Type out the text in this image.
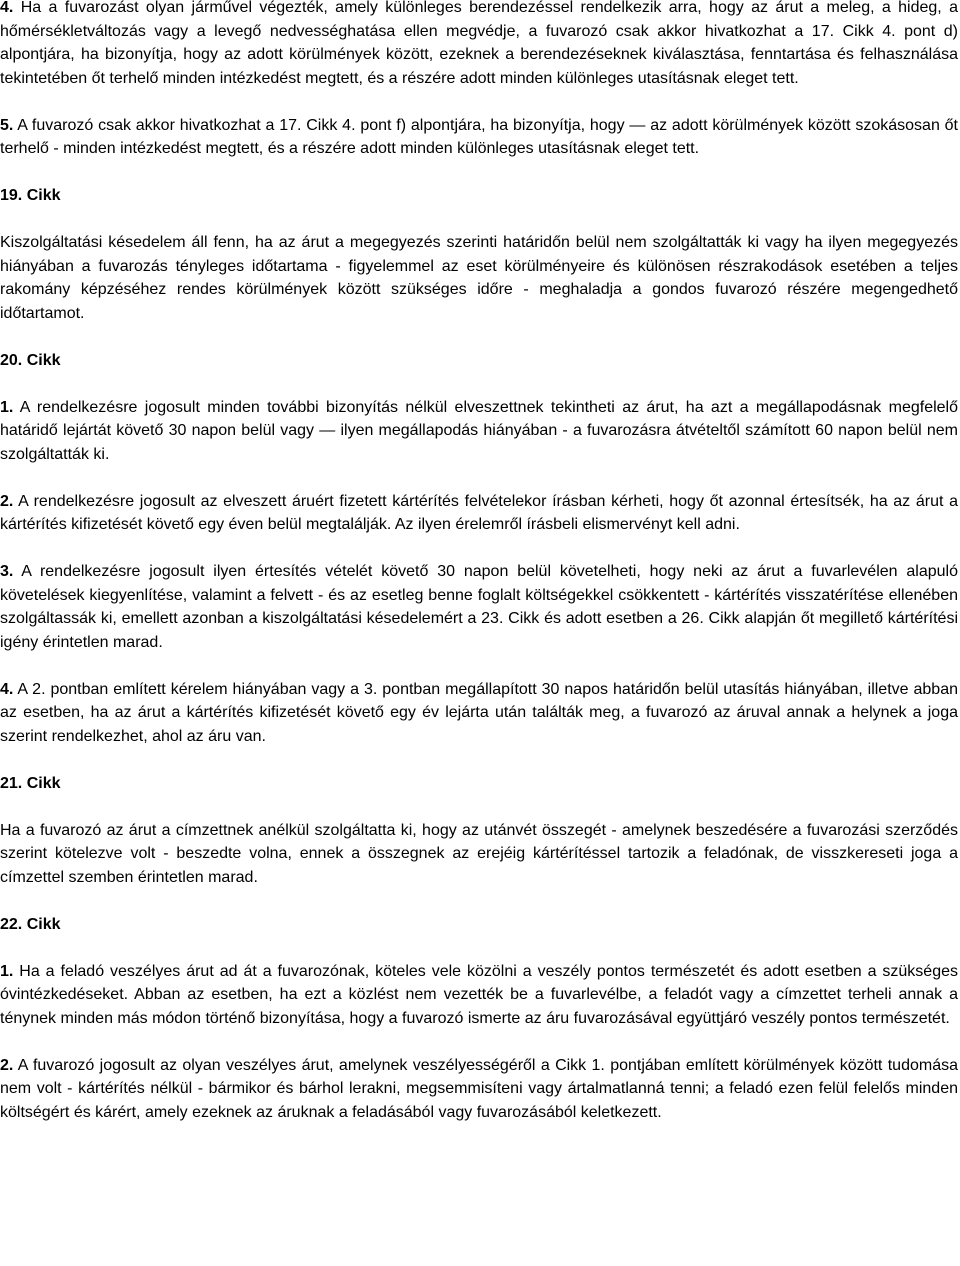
4. Ha a fuvarozást olyan járművel végezték, amely különleges berendezéssel rendelkezik arra, hogy az árut a meleg, a hideg, a hőmérsékletváltozás vagy a levegő nedvességhatása ellen megvédje, a fuvarozó csak akkor hivatkozhat a 17. Cikk 4. pont d) alpontjára, ha bizonyítja, hogy az adott körülmények között, ezeknek a berendezéseknek kiválasztása, fenntartása és felhasználása tekintetében őt terhelő minden intézkedést megtett, és a részére adott minden különleges utasításnak eleget tett.

5. A fuvarozó csak akkor hivatkozhat a 17. Cikk 4. pont f) alpontjára, ha bizonyítja, hogy — az adott körülmények között szokásosan őt terhelő - minden intézkedést megtett, és a részére adott minden különleges utasításnak eleget tett.

19. Cikk

Kiszolgáltatási késedelem áll fenn, ha az árut a megegyezés szerinti határidőn belül nem szolgáltatták ki vagy ha ilyen megegyezés hiányában a fuvarozás tényleges időtartama - figyelemmel az eset körülményeire és különösen részrakodások esetében a teljes rakomány képzéséhez rendes körülmények között szükséges időre - meghaladja a gondos fuvarozó részére megengedhető időtartamot.

20. Cikk

1. A rendelkezésre jogosult minden további bizonyítás nélkül elveszettnek tekintheti az árut, ha azt a megállapodásnak megfelelő határidő lejártát követő 30 napon belül vagy — ilyen megállapodás hiányában - a fuvarozásra átvételtől számított 60 napon belül nem szolgáltatták ki.

2. A rendelkezésre jogosult az elveszett áruért fizetett kártérítés felvételekor írásban kérheti, hogy őt azonnal értesítsék, ha az árut a kártérítés kifizetését követő egy éven belül megtalálják. Az ilyen érelemről írásbeli elismervényt kell adni.

3. A rendelkezésre jogosult ilyen értesítés vételét követő 30 napon belül követelheti, hogy neki az árut a fuvarlevélen alapuló követelések kiegyenlítése, valamint a felvett - és az esetleg benne foglalt költségekkel csökkentett - kártérítés visszatérítése ellenében szolgáltassák ki, emellett azonban a kiszolgáltatási késedelemért a 23. Cikk és adott esetben a 26. Cikk alapján őt megillető kártérítési igény érintetlen marad.

4. A 2. pontban említett kérelem hiányában vagy a 3. pontban megállapított 30 napos határidőn belül utasítás hiányában, illetve abban az esetben, ha az árut a kártérítés kifizetését követő egy év lejárta után találták meg, a fuvarozó az áruval annak a helynek a joga szerint rendelkezhet, ahol az áru van.

21. Cikk

Ha a fuvarozó az árut a címzettnek anélkül szolgáltatta ki, hogy az utánvét összegét - amelynek beszedésére a fuvarozási szerződés szerint kötelezve volt - beszedte volna, ennek a összegnek az erejéig kártérítéssel tartozik a feladónak, de visszkereseti joga a címzettel szemben érintetlen marad.

22. Cikk

1. Ha a feladó veszélyes árut ad át a fuvarozónak, köteles vele közölni a veszély pontos természetét és adott esetben a szükséges óvintézkedéseket. Abban az esetben, ha ezt a közlést nem vezették be a fuvarlevélbe, a feladót vagy a címzettet terheli annak a ténynek minden más módon történő bizonyítása, hogy a fuvarozó ismerte az áru fuvarozásával együttjáró veszély pontos természetét.

2. A fuvarozó jogosult az olyan veszélyes árut, amelynek veszélyességéről a Cikk 1. pontjában említett körülmények között tudomása nem volt - kártérítés nélkül - bármikor és bárhol lerakni, megsemmisíteni vagy ártalmatlanná tenni; a feladó ezen felül felelős minden költségért és kárért, amely ezeknek az áruknak a feladásából vagy fuvarozásából keletkezett.
